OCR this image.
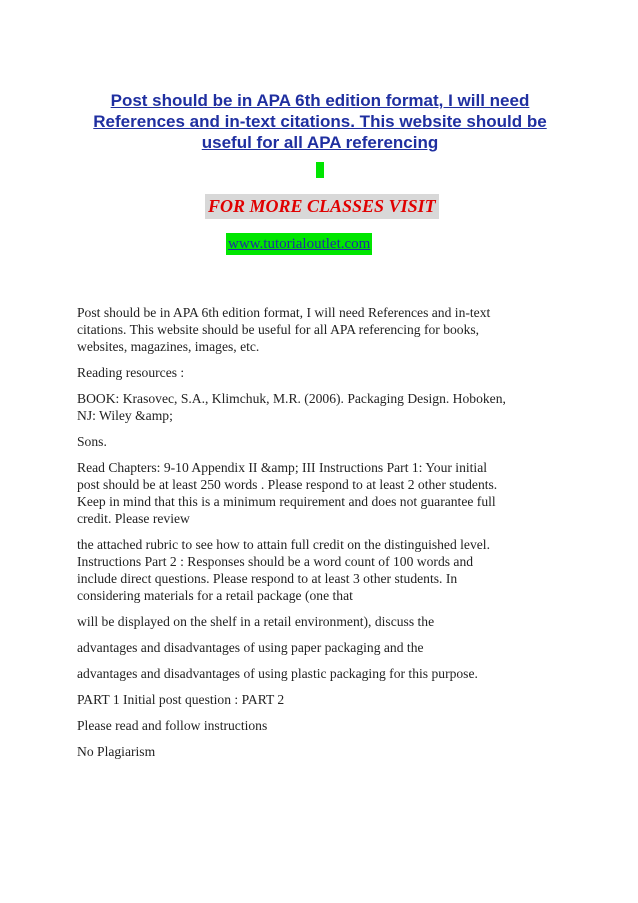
Post should be in APA 6th edition format, I will need
References and in-text citations. This website should be
useful for all APA referencing
FOR MORE CLASSES VISIT
www.tutorialoutlet.com

Post should be in APA 6th edition format, I will need References and in-text
citations. This website should be useful for all APA referencing for books,
websites, magazines, images, etc.

Reading resources :

BOOK: Krasovec, S.A., Klimchuk, M.R. (2006). Packaging Design. Hoboken,
NJ: Wiley &amp;

Sons.

Read Chapters: 9-10 Appendix II &amp; III Instructions Part 1: Your initial
post should be at least 250 words . Please respond to at least 2 other students.
Keep in mind that this is a minimum requirement and does not guarantee full
credit. Please review

the attached rubric to see how to attain full credit on the distinguished level.
Instructions Part 2 : Responses should be a word count of 100 words and
include direct questions. Please respond to at least 3 other students. In
considering materials for a retail package (one that

will be displayed on the shelf in a retail environment), discuss the

advantages and disadvantages of using paper packaging and the

advantages and disadvantages of using plastic packaging for this purpose.

PART 1 Initial post question : PART 2

Please read and follow instructions

No Plagiarism
